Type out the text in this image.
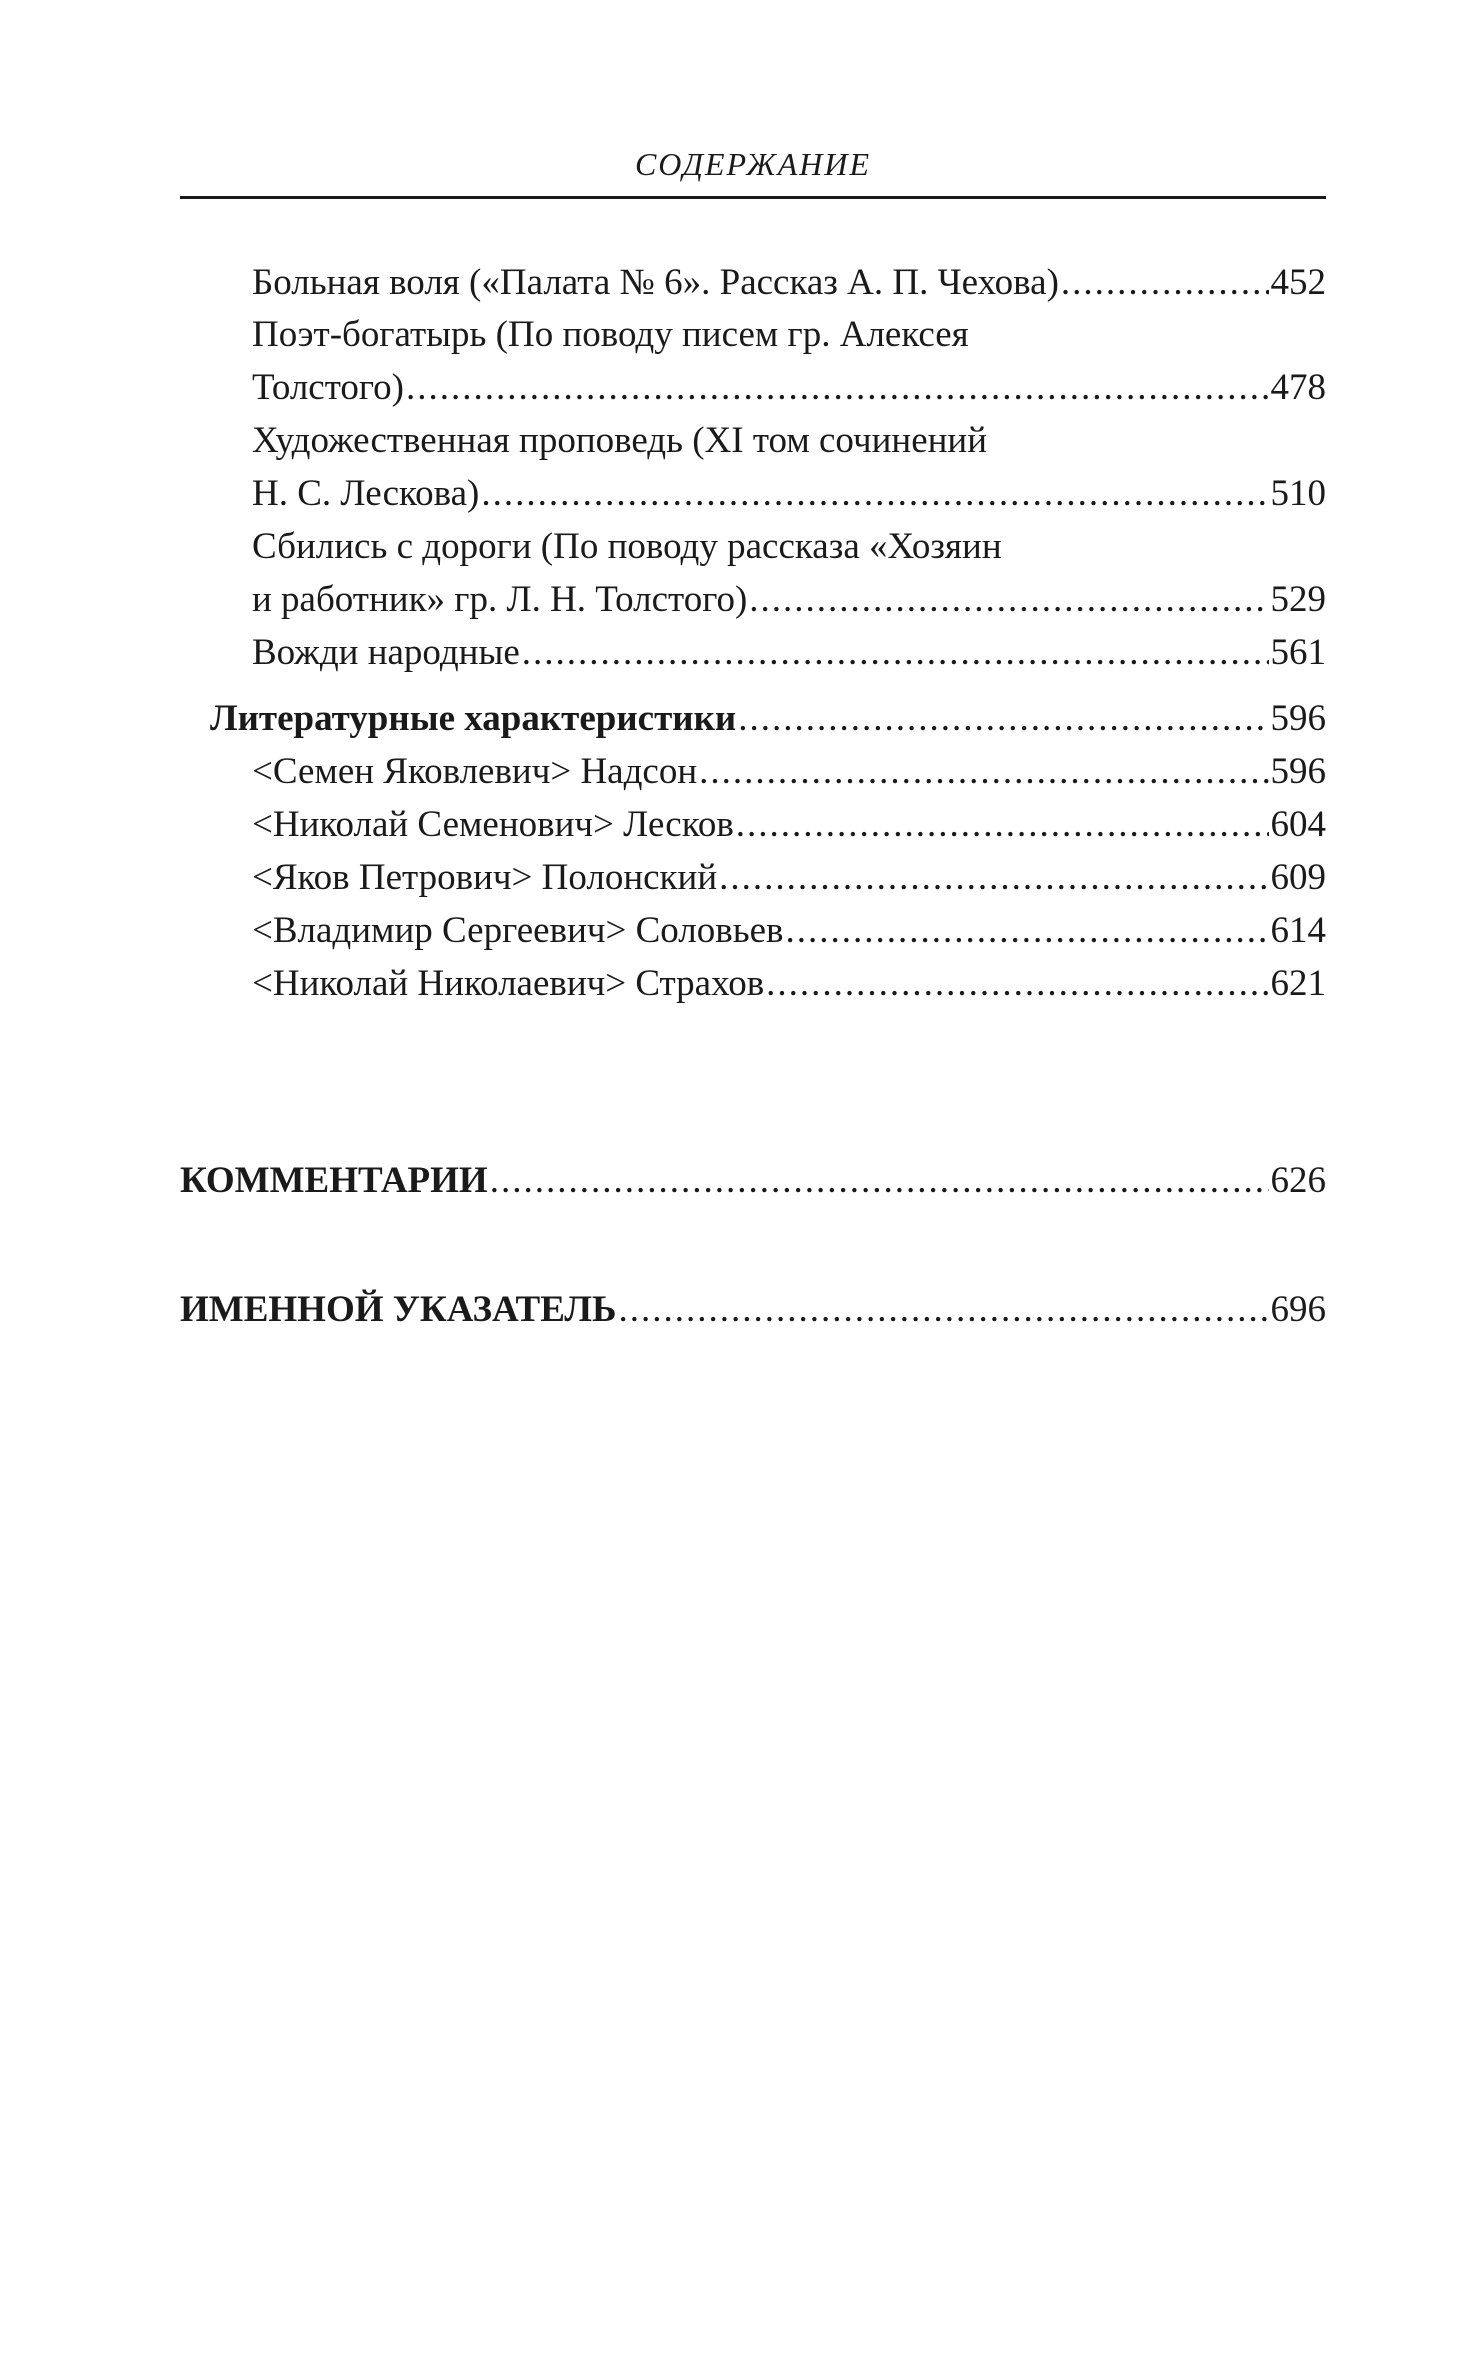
СОДЕРЖАНИЕ
Больная воля («Палата № 6». Рассказ А. П. Чехова) .....	452
Поэт-богатырь (По поводу писем гр. Алексея
Толстого) .....	478
Художественная проповедь (XI том сочинений
Н. С. Лескова) .....	510
Сбились с дороги (По поводу рассказа «Хозяин
и работник» гр. Л. Н. Толстого) .....	529
Вожди народные .....	561
Литературные характеристики .....	596
<Семен Яковлевич> Надсон .....	596
<Николай Семенович> Лесков .....	604
<Яков Петрович> Полонский .....	609
<Владимир Сергеевич> Соловьев .....	614
<Николай Николаевич> Страхов .....	621
КОММЕНТАРИИ .....	626
ИМЕННОЙ УКАЗАТЕЛЬ .....	696
